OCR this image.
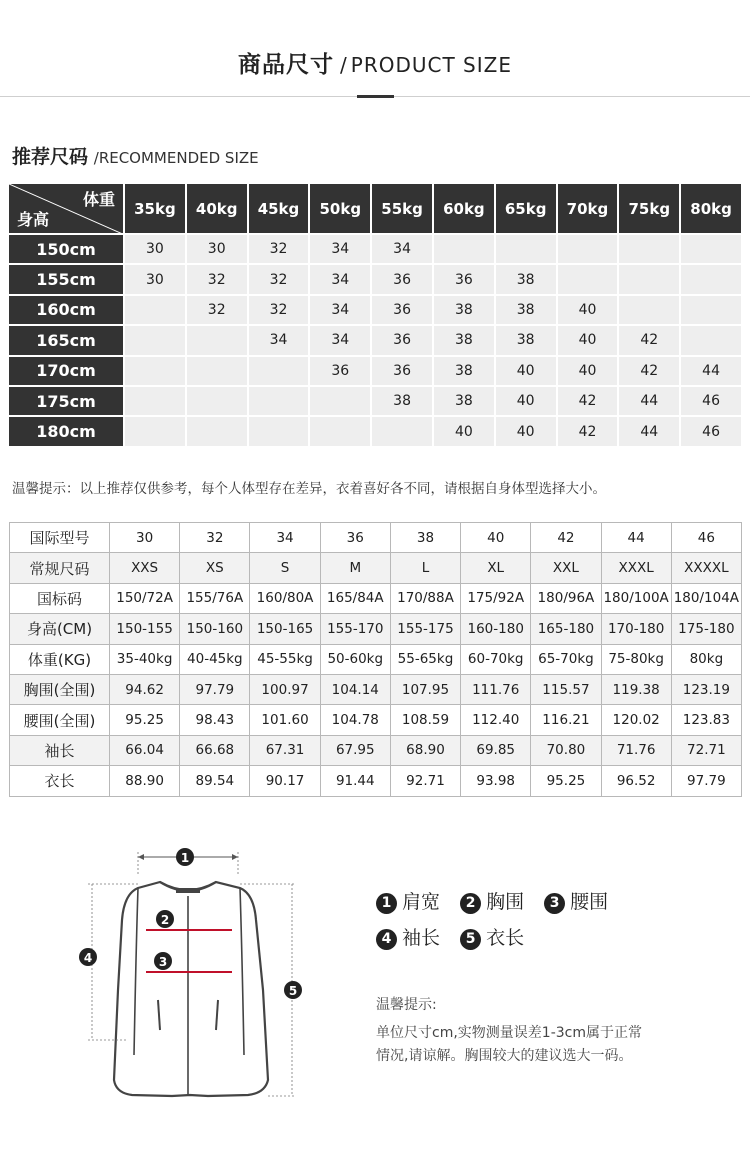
商品尺寸 / PRODUCT SIZE
推荐尺码 /RECOMMENDED SIZE
体重
身高	35kg	40kg	45kg	50kg	55kg	60kg	65kg	70kg	75kg	80kg
150cm	30	30	32	34	34					
155cm	30	32	32	34	36	36	38			
160cm		32	32	34	36	38	38	40		
165cm			34	34	36	38	38	40	42	
170cm				36	36	38	40	40	42	44
175cm					38	38	40	42	44	46
180cm						40	40	42	44	46
温馨提示：以上推荐仅供参考，每个人体型存在差异，衣着喜好各不同，请根据自身体型选择大小。
国际型号	30	32	34	36	38	40	42	44	46
常规尺码	XXS	XS	S	M	L	XL	XXL	XXXL	XXXXL
国标码	150/72A	155/76A	160/80A	165/84A	170/88A	175/92A	180/96A	180/100A	180/104A
身高(CM)	150-155	150-160	150-165	155-170	155-175	160-180	165-180	170-180	175-180
体重(KG)	35-40kg	40-45kg	45-55kg	50-60kg	55-65kg	60-70kg	65-70kg	75-80kg	80kg
胸围(全围)	94.62	97.79	100.97	104.14	107.95	111.76	115.57	119.38	123.19
腰围(全围)	95.25	98.43	101.60	104.78	108.59	112.40	116.21	120.02	123.83
袖长	66.04	66.68	67.31	67.95	68.90	69.85	70.80	71.76	72.71
衣长	88.90	89.54	90.17	91.44	92.71	93.98	95.25	96.52	97.79
1
2
3
4
5
1 肩宽 2 胸围 3 腰围
4 袖长 5 衣长
温馨提示:
单位尺寸cm,实物测量误差1-3cm属于正常
情况,请谅解。胸围较大的建议选大一码。
